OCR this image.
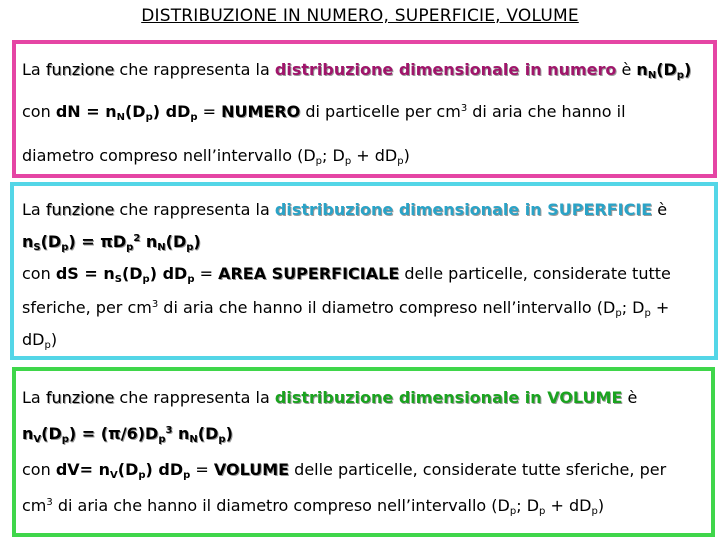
DISTRIBUZIONE IN NUMERO, SUPERFICIE, VOLUME
La funzione che rappresenta la distribuzione dimensionale in numero è $n_N(D_p)$
con dN = $n_N(D_p) dD_p$ = NUMERO di particelle per $cm^3$ di aria che hanno il
diametro compreso nell’intervallo ($D_p$; $D_p + dD_p$)
La funzione che rappresenta la distribuzione dimensionale in SUPERFICIE è
$n_S(D_p) = \pi D_p^2$ $n_N(D_p)$
con dS = $n_S(D_p) dD_p$ = AREA SUPERFICIALE delle particelle, considerate tutte
sferiche, per $cm^3$ di aria che hanno il diametro compreso nell’intervallo ($D_p$; $D_p$ +
$dD_p$)
La funzione che rappresenta la distribuzione dimensionale in VOLUME è
$n_V(D_p) = (\pi/6)D_p^3$ $n_N(D_p)$
con $dV= n_V(D_p) dD_p$ = VOLUME delle particelle, considerate tutte sferiche, per
$cm^3$ di aria che hanno il diametro compreso nell’intervallo ($D_p$; $D_p + dD_p$)
